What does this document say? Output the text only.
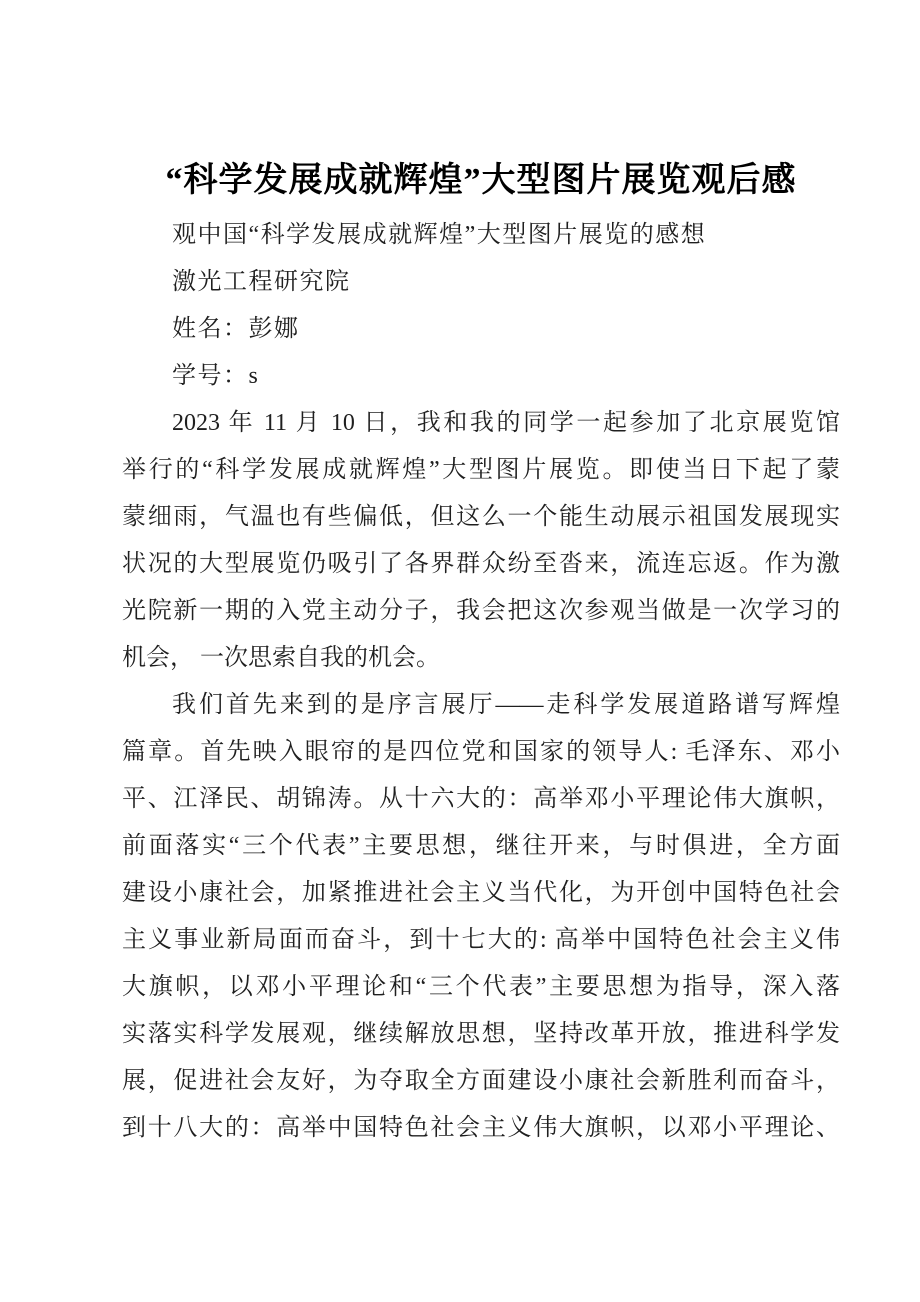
“科学发展成就辉煌”大型图片展览观后感

观中国“科学发展成就辉煌”大型图片展览的感想

激光工程研究院

姓名：彭娜

学号：s

2023 年 11 月 10 日，我和我的同学一起参加了北京展览馆

举行的“科学发展成就辉煌”大型图片展览。即使当日下起了蒙

蒙细雨，气温也有些偏低，但这么一个能生动展示祖国发展现实

状况的大型展览仍吸引了各界群众纷至沓来，流连忘返。作为激

光院新一期的入党主动分子，我会把这次参观当做是一次学习的

机会， 一次思索自我的机会。

我们首先来到的是序言展厅——走科学发展道路谱写辉煌

篇章。首先映入眼帘的是四位党和国家的领导人: 毛泽东、邓小

平、江泽民、胡锦涛。从十六大的：高举邓小平理论伟大旗帜，

前面落实“三个代表”主要思想，继往开来，与时俱进，全方面

建设小康社会，加紧推进社会主义当代化，为开创中国特色社会

主义事业新局面而奋斗，到十七大的: 高举中国特色社会主义伟

大旗帜，以邓小平理论和“三个代表”主要思想为指导，深入落

实落实科学发展观，继续解放思想，坚持改革开放，推进科学发

展，促进社会友好，为夺取全方面建设小康社会新胜利而奋斗，

到十八大的：高举中国特色社会主义伟大旗帜，以邓小平理论、
